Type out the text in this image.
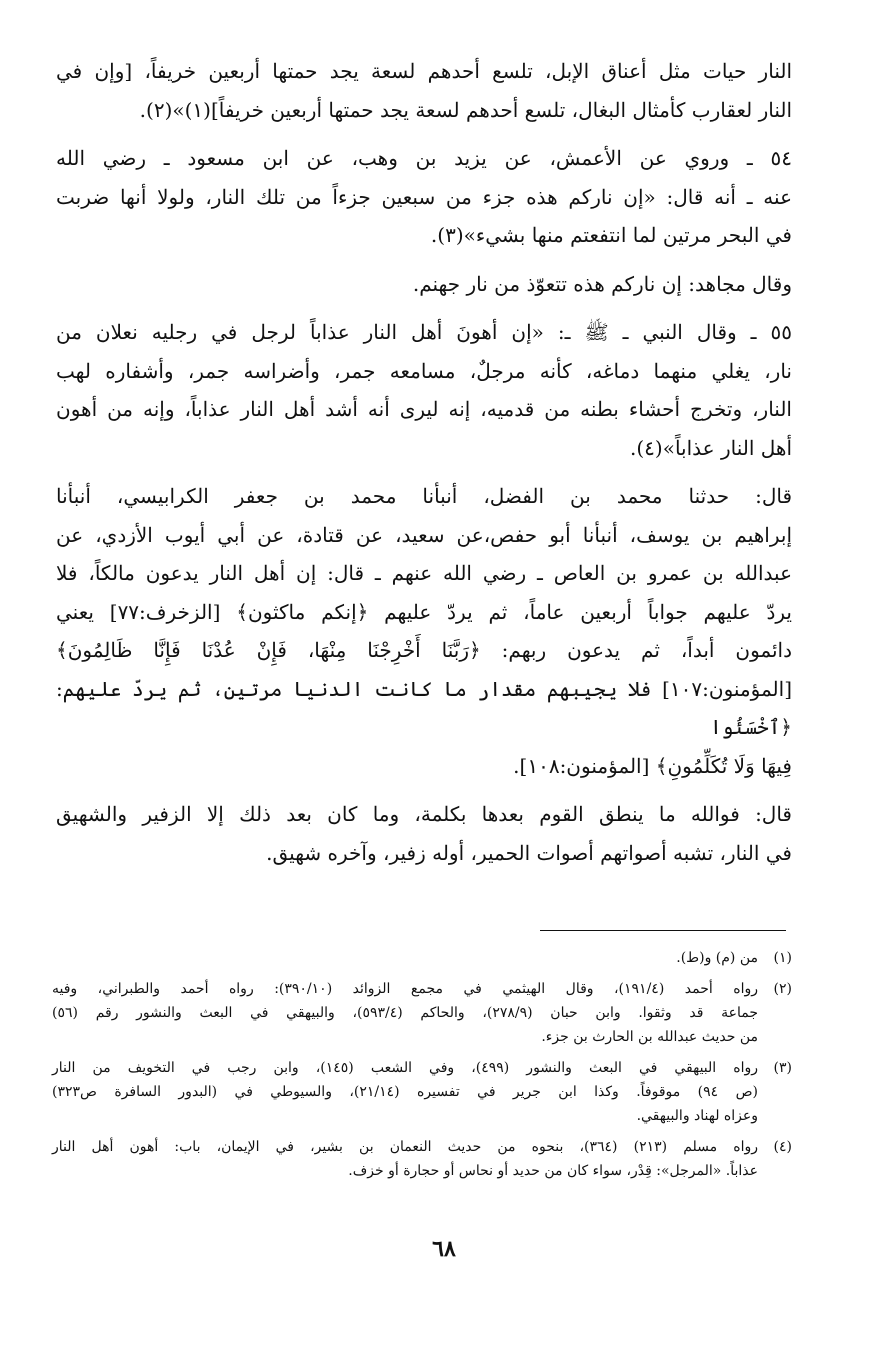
النار حيات مثل أعناق الإبل، تلسع أحدهم لسعة يجد حمتها أربعين خريفاً، [وإن في
النار لعقارب كأمثال البغال، تلسع أحدهم لسعة يجد حمتها أربعين خريفاً](١)»(٢).

٥٤ ـ وروي عن الأعمش، عن يزيد بن وهب، عن ابن مسعود ـ رضي الله
عنه ـ أنه قال: «إن ناركم هذه جزء من سبعين جزءاً من تلك النار، ولولا أنها ضربت
في البحر مرتين لما انتفعتم منها بشيء»(٣).

وقال مجاهد: إن ناركم هذه تتعوّذ من نار جهنم.

٥٥ ـ وقال النبي ـ ﷺ ـ: «إن أهونَ أهل النار عذاباً لرجل في رجليه نعلان من
نار، يغلي منهما دماغه، كأنه مرجلٌ، مسامعه جمر، وأضراسه جمر، وأشفاره لهب
النار، وتخرج أحشاء بطنه من قدميه، إنه ليرى أنه أشد أهل النار عذاباً، وإنه من أهون
أهل النار عذاباً»(٤).

قال: حدثنا محمد بن الفضل، أنبأنا محمد بن جعفر الكرابيسي، أنبأنا
إبراهيم بن يوسف، أنبأنا أبو حفص،عن سعيد، عن قتادة، عن أبي أيوب الأزدي، عن
عبدالله بن عمرو بن العاص ـ رضي الله عنهم ـ قال: إن أهل النار يدعون مالكاً، فلا
يردّ عليهم جواباً أربعين عاماً، ثم يردّ عليهم ﴿إنكم ماكثون﴾ [الزخرف:٧٧] يعني
دائمون أبداً، ثم يدعون ربهم: ﴿رَبَّنَا أَخْرِجْنَا مِنْهَا، فَإِنْ عُدْنَا فَإِنَّا ظَالِمُونَ﴾
[المؤمنون:١٠٧] فلا يجيبهم مقدار ما كانت الدنيا مرتين، ثم يردّ عليهم: ﴿ٱخْسَئُوا
فِيهَا وَلَا تُكَلِّمُونِ﴾ [المؤمنون:١٠٨].

قال: فوالله ما ينطق القوم بعدها بكلمة، وما كان بعد ذلك إلا الزفير والشهيق
في النار، تشبه أصواتهم أصوات الحمير، أوله زفير، وآخره شهيق.

(١)
من (م) و(ط).
(٢)
رواه أحمد (١٩١/٤)، وقال الهيثمي في مجمع الزوائد (٣٩٠/١٠): رواه أحمد والطبراني، وفيه
جماعة قد وثقوا. وابن حبان (٢٧٨/٩)، والحاكم (٥٩٣/٤)، والبيهقي في البعث والنشور رقم (٥٦)
من حديث عبدالله بن الحارث بن جزء.
(٣)
رواه البيهقي في البعث والنشور (٤٩٩)، وفي الشعب (١٤٥)، وابن رجب في التخويف من النار
(ص ٩٤) موقوفاً. وكذا ابن جرير في تفسيره (٢١/١٤)، والسيوطي في (البدور السافرة ص٣٢٣)
وعزاه لهناد والبيهقي.
(٤)
رواه مسلم (٢١٣) (٣٦٤)، بنحوه من حديث النعمان بن بشير، في الإيمان، باب: أهون أهل النار
عذاباً. «المرجل»: قِدْر، سواء كان من حديد أو نحاس أو حجارة أو خزف.
٦٨
